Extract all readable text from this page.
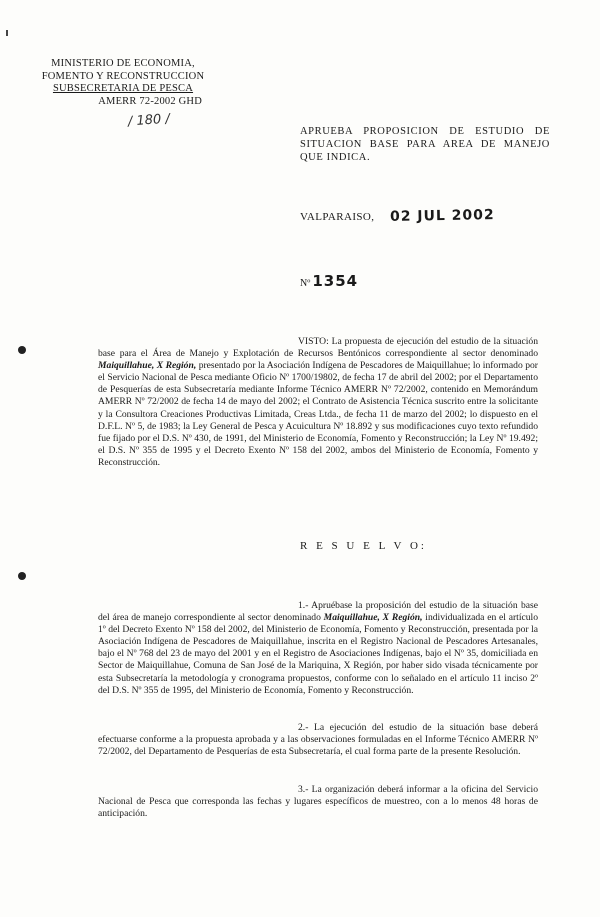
MINISTERIO DE ECONOMIA,
FOMENTO Y RECONSTRUCCION
SUBSECRETARIA DE PESCA
AMERR 72-2002 GHD
/ 180 /
APRUEBA PROPOSICION DE ESTUDIO DE SITUACION BASE PARA AREA DE MANEJO QUE INDICA.
VALPARAISO, 02 JUL 2002
Nº 1354
VISTO: La propuesta de ejecución del estudio de la situación base para el Área de Manejo y Explotación de Recursos Bentónicos correspondiente al sector denominado Maiquillahue, X Región, presentado por la Asociación Indígena de Pescadores de Maiquillahue; lo informado por el Servicio Nacional de Pesca mediante Oficio Nº 1700/19802, de fecha 17 de abril del 2002; por el Departamento de Pesquerías de esta Subsecretaría mediante Informe Técnico AMERR Nº 72/2002, contenido en Memorándum AMERR Nº 72/2002 de fecha 14 de mayo del 2002; el Contrato de Asistencia Técnica suscrito entre la solicitante y la Consultora Creaciones Productivas Limitada, Creas Ltda., de fecha 11 de marzo del 2002; lo dispuesto en el D.F.L. Nº 5, de 1983; la Ley General de Pesca y Acuicultura Nº 18.892 y sus modificaciones cuyo texto refundido fue fijado por el D.S. Nº 430, de 1991, del Ministerio de Economía, Fomento y Reconstrucción; la Ley Nº 19.492; el D.S. Nº 355 de 1995 y el Decreto Exento Nº 158 del 2002, ambos del Ministerio de Economía, Fomento y Reconstrucción.
R E S U E L V O:
1.- Apruébase la proposición del estudio de la situación base del área de manejo correspondiente al sector denominado Maiquillahue, X Región, individualizada en el artículo 1º del Decreto Exento Nº 158 del 2002, del Ministerio de Economía, Fomento y Reconstrucción, presentada por la Asociación Indígena de Pescadores de Maiquillahue, inscrita en el Registro Nacional de Pescadores Artesanales, bajo el Nº 768 del 23 de mayo del 2001 y en el Registro de Asociaciones Indígenas, bajo el Nº 35, domiciliada en Sector de Maiquillahue, Comuna de San José de la Mariquina, X Región, por haber sido visada técnicamente por esta Subsecretaría la metodología y cronograma propuestos, conforme con lo señalado en el artículo 11 inciso 2º del D.S. Nº 355 de 1995, del Ministerio de Economía, Fomento y Reconstrucción.
2.- La ejecución del estudio de la situación base deberá efectuarse conforme a la propuesta aprobada y a las observaciones formuladas en el Informe Técnico AMERR Nº 72/2002, del Departamento de Pesquerías de esta Subsecretaría, el cual forma parte de la presente Resolución.
3.- La organización deberá informar a la oficina del Servicio Nacional de Pesca que corresponda las fechas y lugares específicos de muestreo, con a lo menos 48 horas de anticipación.
